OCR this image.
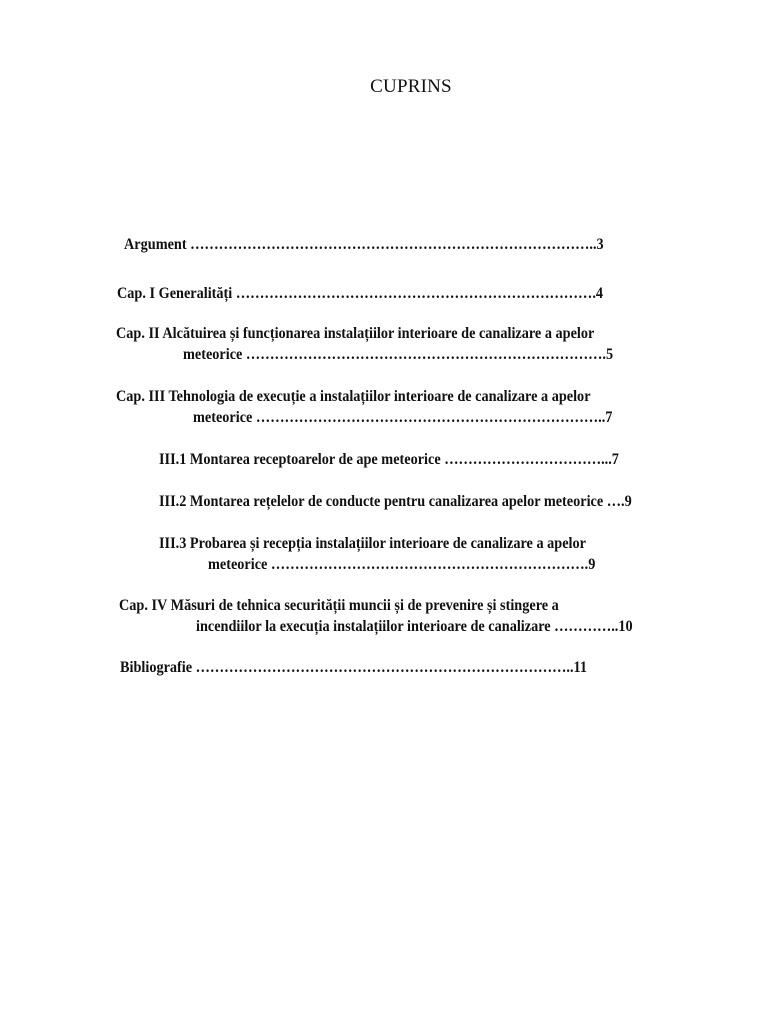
CUPRINS
Argument …………………………………………………………………………..3
Cap. I Generalități ………………………………………………………………….4
Cap. II Alcătuirea și funcționarea instalațiilor interioare de canalizare a apelor
meteorice ………………………………………………………………….5
Cap. III Tehnologia de execuție a instalațiilor interioare de canalizare a apelor
meteorice ………………………………………………………………..7
III.1 Montarea receptoarelor de ape meteorice ……………………………...7
III.2 Montarea rețelelor de conducte pentru canalizarea apelor meteorice ….9
III.3 Probarea și recepția instalațiilor interioare de canalizare a apelor
meteorice ………………………………………………………….9
Cap. IV Măsuri de tehnica securității muncii și de prevenire și stingere a
incendiilor la execuția instalațiilor interioare de canalizare …………..10
Bibliografie ……………………………………………………………………..11
